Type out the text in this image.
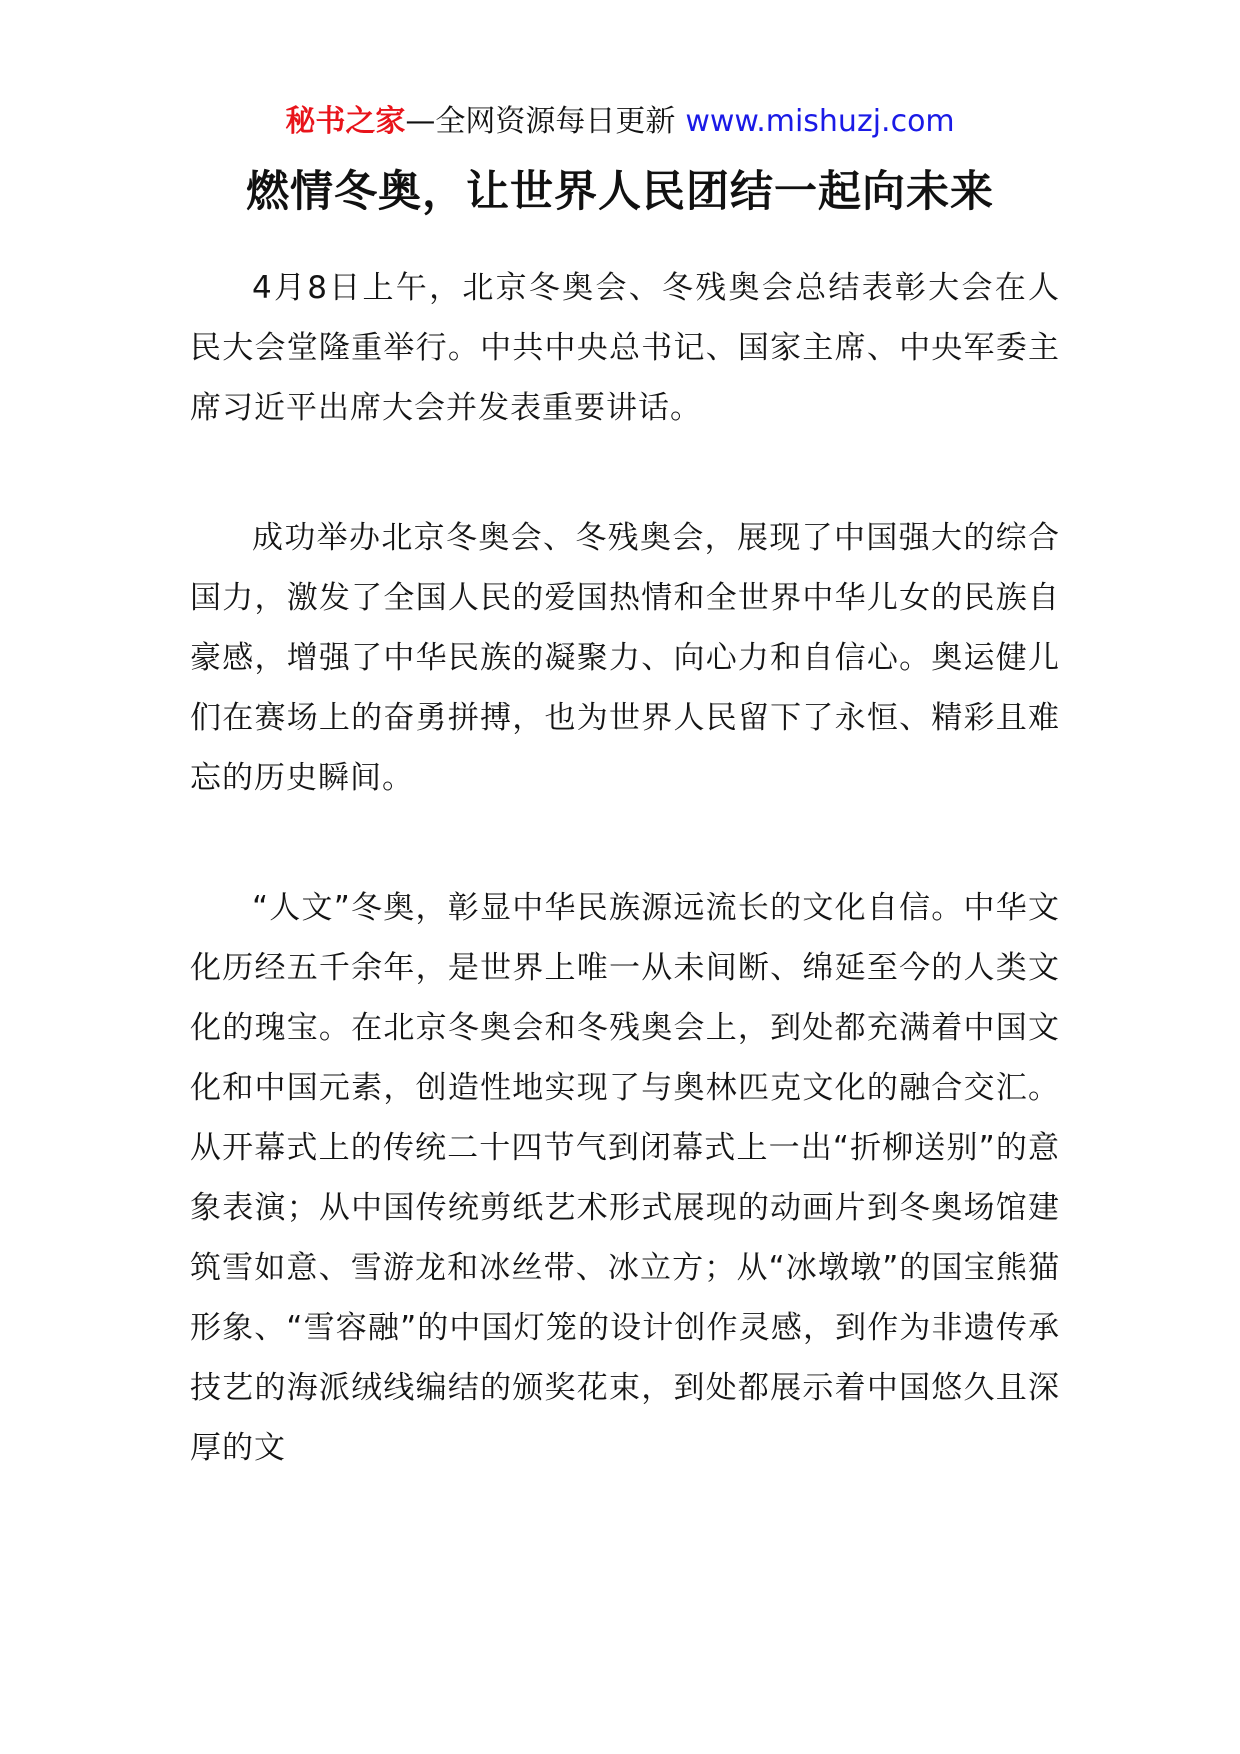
秘书之家—全网资源每日更新 www.mishuzj.com
燃情冬奥，让世界人民团结一起向未来

4月8日上午，北京冬奥会、冬残奥会总结表彰大会在人民大会堂隆重举行。中共中央总书记、国家主席、中央军委主席习近平出席大会并发表重要讲话。

成功举办北京冬奥会、冬残奥会，展现了中国强大的综合国力，激发了全国人民的爱国热情和全世界中华儿女的民族自豪感，增强了中华民族的凝聚力、向心力和自信心。奥运健儿们在赛场上的奋勇拼搏，也为世界人民留下了永恒、精彩且难忘的历史瞬间。

“人文”冬奥，彰显中华民族源远流长的文化自信。中华文化历经五千余年，是世界上唯一从未间断、绵延至今的人类文化的瑰宝。在北京冬奥会和冬残奥会上，到处都充满着中国文化和中国元素，创造性地实现了与奥林匹克文化的融合交汇。从开幕式上的传统二十四节气到闭幕式上一出“折柳送别”的意象表演；从中国传统剪纸艺术形式展现的动画片到冬奥场馆建筑雪如意、雪游龙和冰丝带、冰立方；从“冰墩墩”的国宝熊猫形象、“雪容融”的中国灯笼的设计创作灵感，到作为非遗传承技艺的海派绒线编结的颁奖花束，到处都展示着中国悠久且深厚的文
